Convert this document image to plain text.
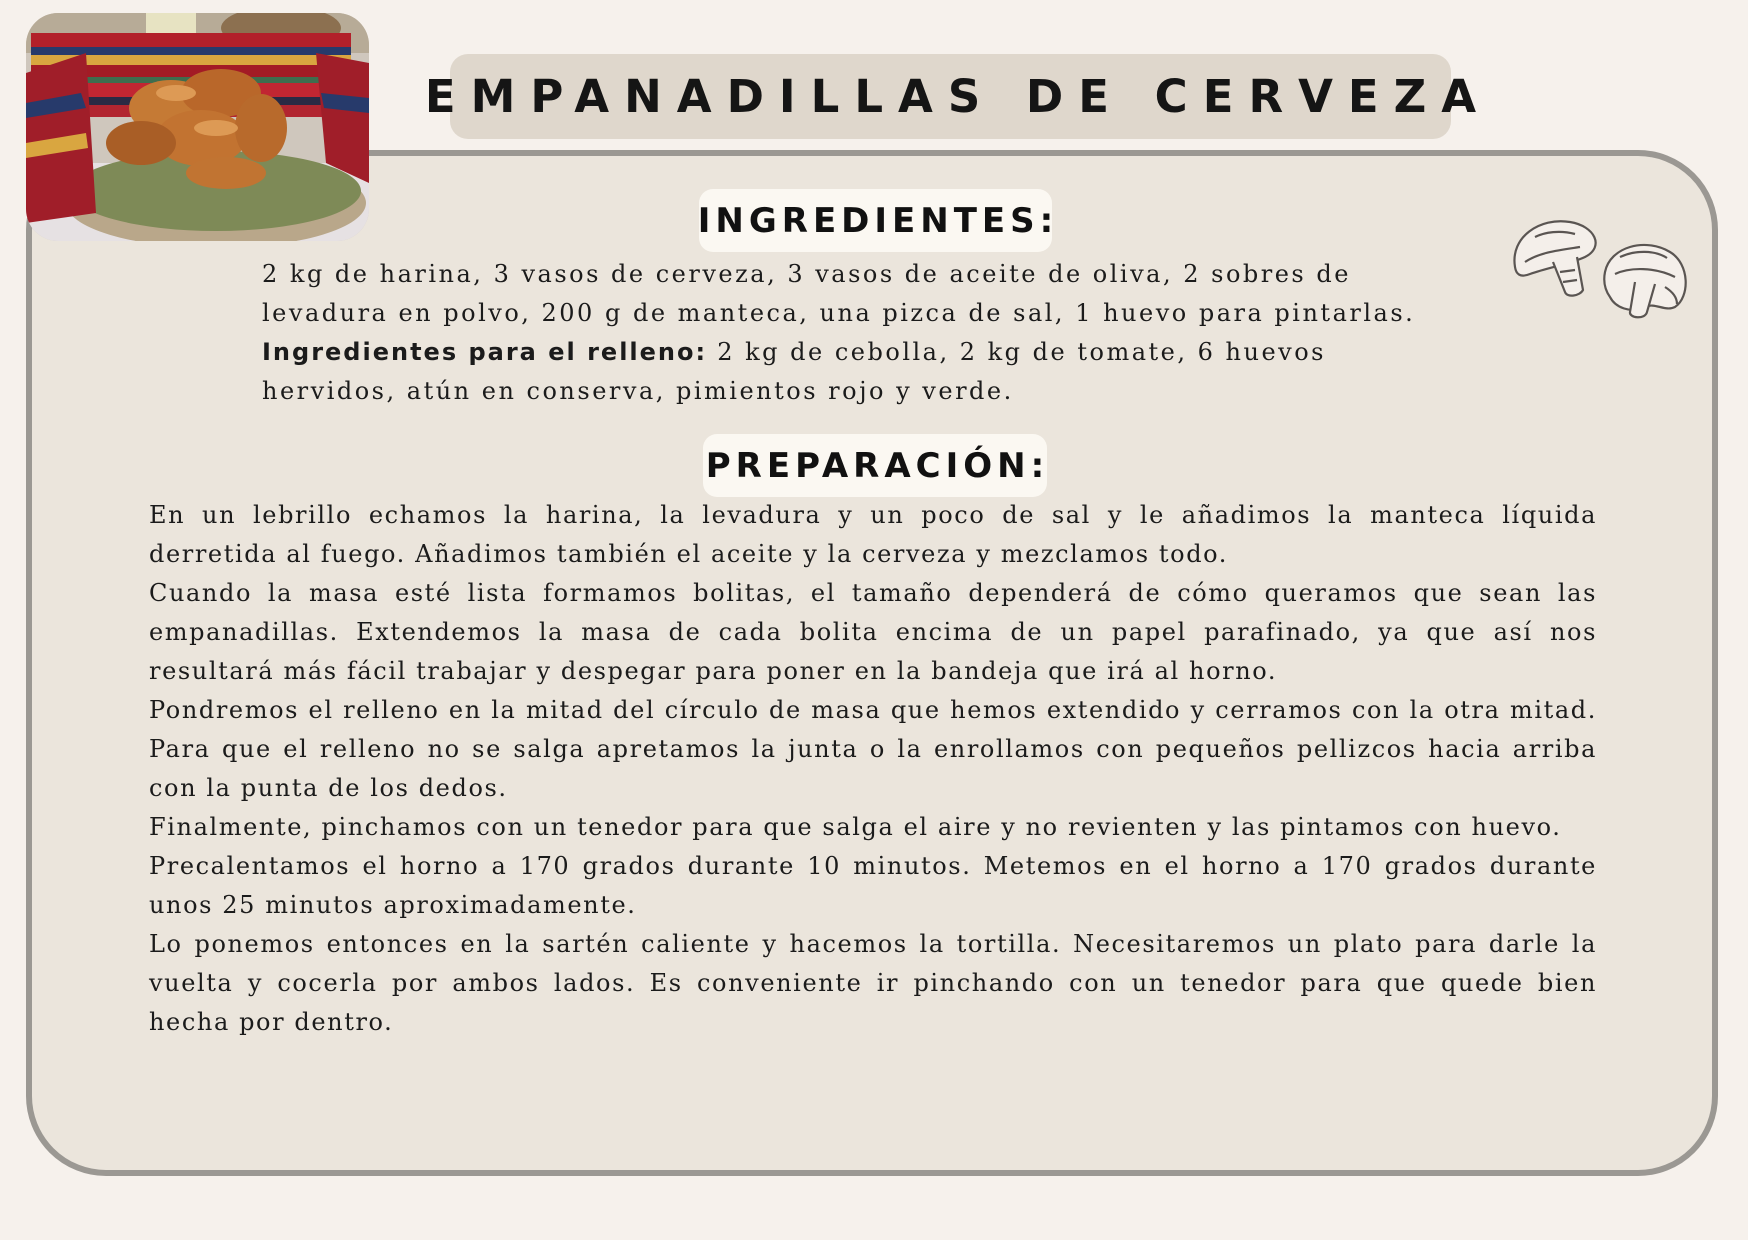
EMPANADILLAS DE CERVEZA
INGREDIENTES:

2 kg de harina, 3 vasos de cerveza, 3 vasos de aceite de oliva, 2 sobres de

levadura en polvo, 200 g de manteca, una pizca de sal, 1 huevo para pintarlas.

Ingredientes para el relleno: 2 kg de cebolla, 2 kg de tomate, 6 huevos

hervidos, atún en conserva, pimientos rojo y verde.

PREPARACIÓN:

En un lebrillo echamos la harina, la levadura y un poco de sal y le añadimos la manteca líquida derretida al fuego. Añadimos también el aceite y la cerveza y mezclamos todo.

Cuando la masa esté lista formamos bolitas, el tamaño dependerá de cómo queramos que sean las empanadillas. Extendemos la masa de cada bolita encima de un papel parafinado, ya que así nos resultará más fácil trabajar y despegar para poner en la bandeja que irá al horno.

Pondremos el relleno en la mitad del círculo de masa que hemos extendido y cerramos con la otra mitad. Para que el relleno no se salga apretamos la junta o la enrollamos con pequeños pellizcos hacia arriba con la punta de los dedos.

Finalmente, pinchamos con un tenedor para que salga el aire y no revienten y las pintamos con huevo.

Precalentamos el horno a 170 grados durante 10 minutos. Metemos en el horno a 170 grados durante unos 25 minutos aproximadamente.

Lo ponemos entonces en la sartén caliente y hacemos la tortilla. Necesitaremos un plato para darle la vuelta y cocerla por ambos lados. Es conveniente ir pinchando con un tenedor para que quede bien hecha por dentro.
